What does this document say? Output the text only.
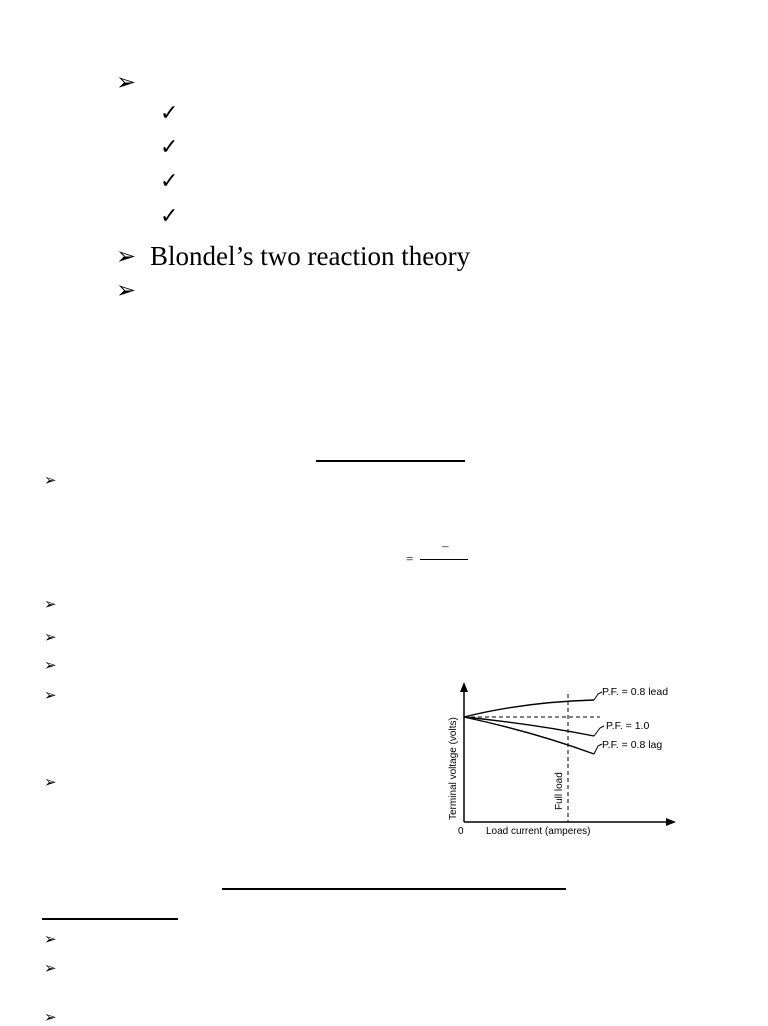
➢
✓
✓
✓
✓
➢ Blondel’s two reaction theory
➢
➢
–
=
➢
➢
➢
➢
➢
P.F. = 0.8 lead
P.F. = 1.0
P.F. = 0.8 lag
Full load
Terminal voltage (volts)
0 Load current (amperes)
➢
➢
➢
